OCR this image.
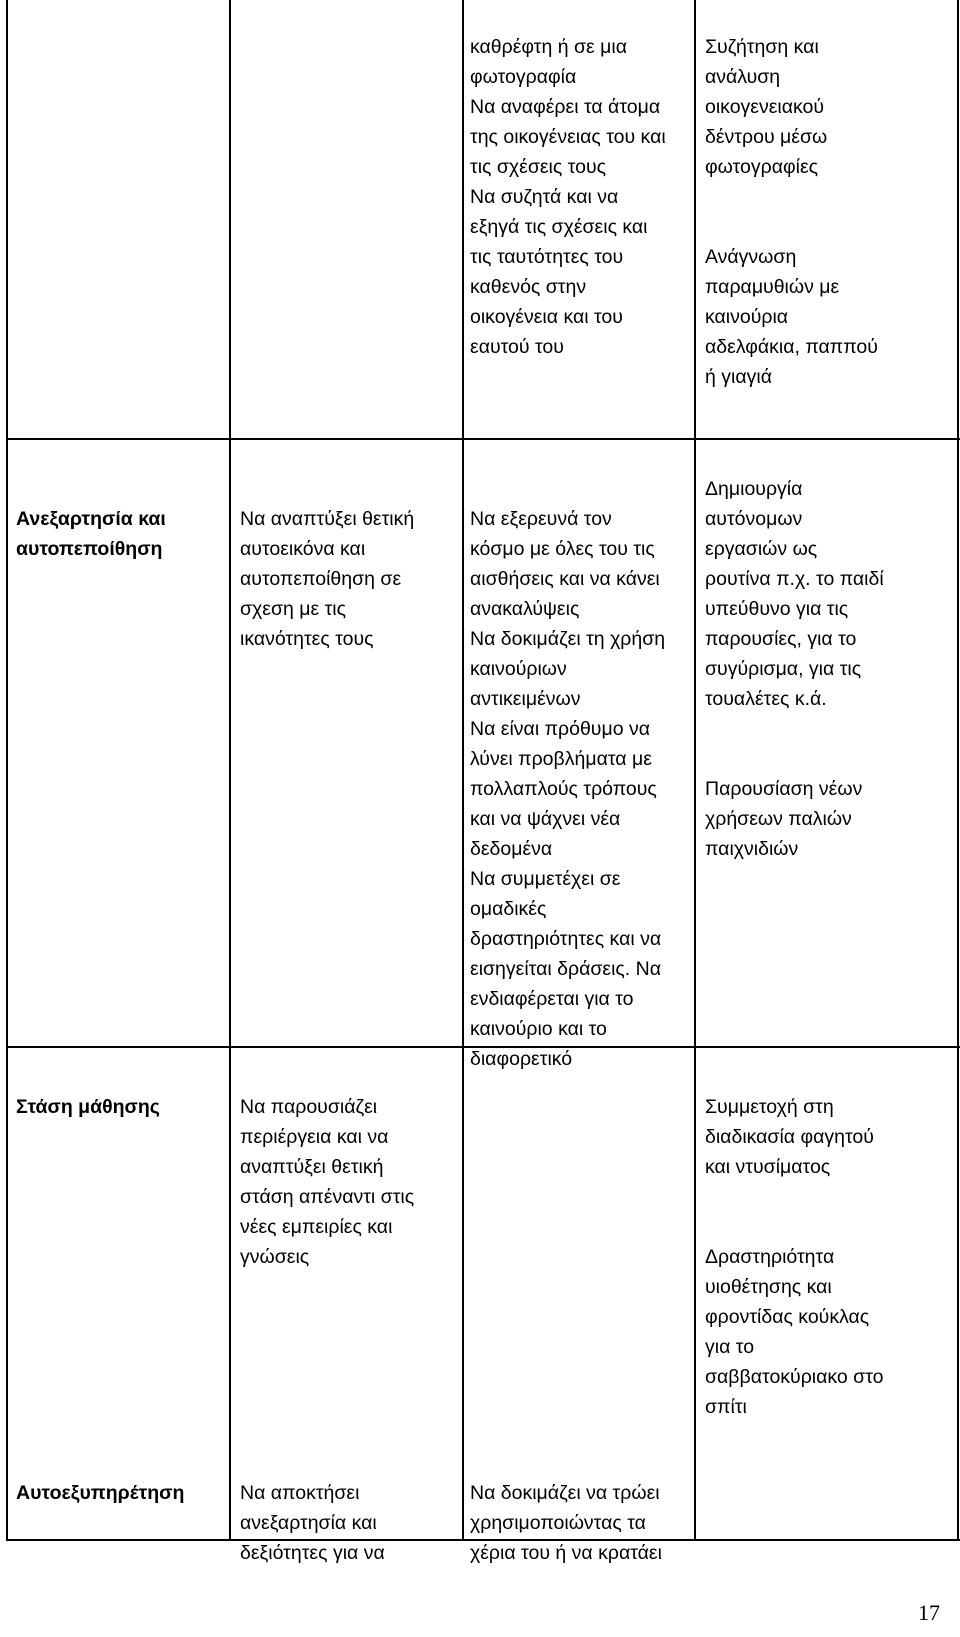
καθρέφτη ή σε μια
φωτογραφία
Να αναφέρει τα άτομα
της οικογένειας του και
τις σχέσεις τους
Να συζητά και να
εξηγά τις σχέσεις και
τις ταυτότητες του
καθενός στην
οικογένεια και του
εαυτού του

Συζήτηση και
ανάλυση
οικογενειακού
δέντρου μέσω
φωτογραφίες

Ανάγνωση
παραμυθιών με
καινούρια
αδελφάκια, παππού
ή γιαγιά

Ανεξαρτησία και
αυτοπεποίθηση

Να αναπτύξει θετική
αυτοεικόνα και
αυτοπεποίθηση σε
σχεση με τις
ικανότητες τους

Να εξερευνά τον
κόσμο με όλες του τις
αισθήσεις και να κάνει
ανακαλύψεις
Να δοκιμάζει τη χρήση
καινούριων
αντικειμένων
Να είναι πρόθυμο να
λύνει προβλήματα με
πολλαπλούς τρόπους
και να ψάχνει νέα
δεδομένα
Να συμμετέχει σε
ομαδικές
δραστηριότητες και να
εισηγείται δράσεις. Να
ενδιαφέρεται για το
καινούριο και το
διαφορετικό

Δημιουργία
αυτόνομων
εργασιών ως
ρουτίνα π.χ. το παιδί
υπεύθυνο για τις
παρουσίες, για το
συγύρισμα, για τις
τουαλέτες κ.ά.

Παρουσίαση νέων
χρήσεων παλιών
παιχνιδιών

Στάση μάθησης	Να παρουσιάζει
περιέργεια και να
αναπτύξει θετική
στάση απέναντι στις
νέες εμπειρίες και
γνώσεις

Συμμετοχή στη
διαδικασία φαγητού
και ντυσίματος

Δραστηριότητα
υιοθέτησης και
φροντίδας κούκλας
για το
σαββατοκύριακο στο
σπίτι

Αυτοεξυπηρέτηση	Να αποκτήσει
ανεξαρτησία και
δεξιότητες για να

Να δοκιμάζει να τρώει
χρησιμοποιώντας τα
χέρια του ή να κρατάει

17
